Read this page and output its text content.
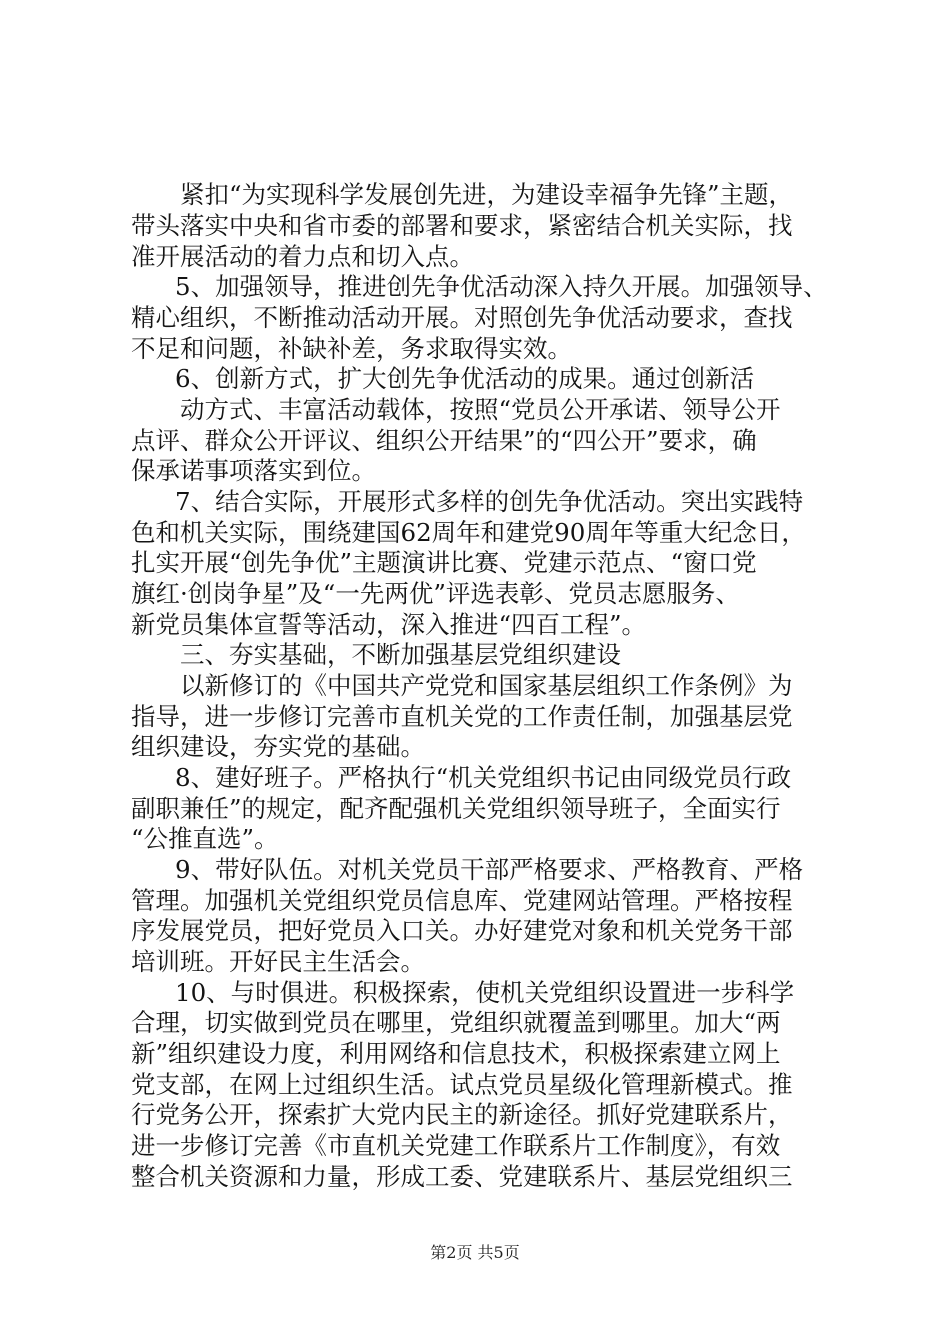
紧扣“为实现科学发展创先进，为建设幸福争先锋”主题，
带头落实中央和省市委的部署和要求，紧密结合机关实际，找
准开展活动的着力点和切入点。
5、加强领导，推进创先争优活动深入持久开展。加强领导、
精心组织，不断推动活动开展。对照创先争优活动要求，查找
不足和问题，补缺补差，务求取得实效。
6、创新方式，扩大创先争优活动的成果。通过创新活
动方式、丰富活动载体，按照“党员公开承诺、领导公开
点评、群众公开评议、组织公开结果”的“四公开”要求，确
保承诺事项落实到位。
7、结合实际，开展形式多样的创先争优活动。突出实践特
色和机关实际，围绕建国62周年和建党90周年等重大纪念日，
扎实开展“创先争优”主题演讲比赛、党建示范点、“窗口党
旗红·创岗争星”及“一先两优”评选表彰、党员志愿服务、
新党员集体宣誓等活动，深入推进“四百工程”。
三、夯实基础，不断加强基层党组织建设
以新修订的《中国共产党党和国家基层组织工作条例》为
指导，进一步修订完善市直机关党的工作责任制，加强基层党
组织建设，夯实党的基础。
8、建好班子。严格执行“机关党组织书记由同级党员行政
副职兼任”的规定，配齐配强机关党组织领导班子，全面实行
“公推直选”。
9、带好队伍。对机关党员干部严格要求、严格教育、严格
管理。加强机关党组织党员信息库、党建网站管理。严格按程
序发展党员，把好党员入口关。办好建党对象和机关党务干部
培训班。开好民主生活会。
10、与时俱进。积极探索，使机关党组织设置进一步科学
合理，切实做到党员在哪里，党组织就覆盖到哪里。加大“两
新”组织建设力度，利用网络和信息技术，积极探索建立网上
党支部，在网上过组织生活。试点党员星级化管理新模式。推
行党务公开，探索扩大党内民主的新途径。抓好党建联系片，
进一步修订完善《市直机关党建工作联系片工作制度》，有效
整合机关资源和力量，形成工委、党建联系片、基层党组织三
第2页 共5页
